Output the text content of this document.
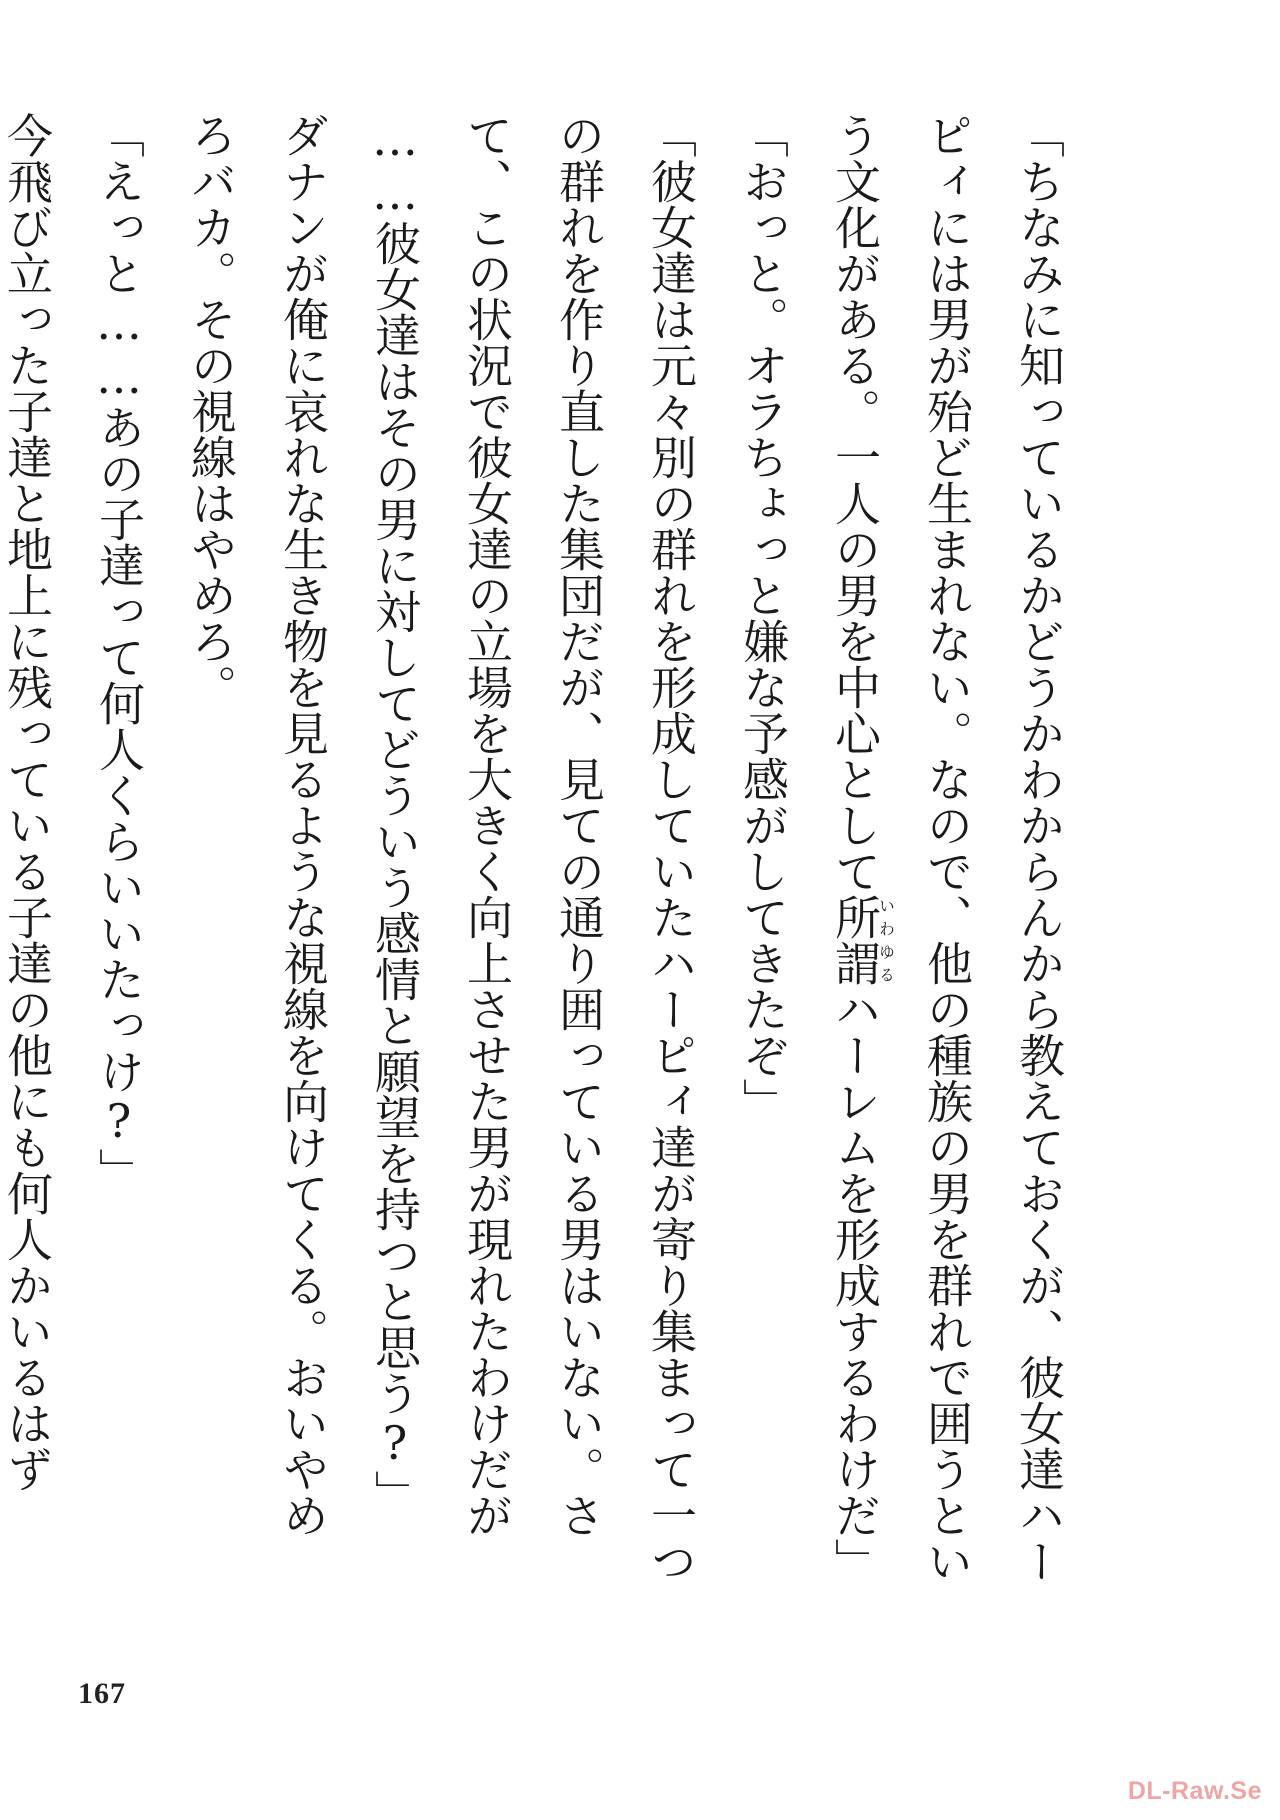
「ちなみに知っているかどうかわからんから教えておくが、彼女達ハー
ピィには男が殆ど生まれない。なので、他の種族の男を群れで囲うとい
う文化がある。一人の男を中心として所謂いわゆるハーレムを形成するわけだ」
「おっと。オラちょっと嫌な予感がしてきたぞ」
「彼女達は元々別の群れを形成していたハーピィ達が寄り集まって一つ
の群れを作り直した集団だが、見ての通り囲っている男はいない。さ
て、この状況で彼女達の立場を大きく向上させた男が現れたわけだが
……彼女達はその男に対してどういう感情と願望を持つと思う?」
ダナンが俺に哀れな生き物を見るような視線を向けてくる。おいやめ
ろバカ。その視線はやめろ。
「えっと……あの子達って何人くらいいたっけ?」
今飛び立った子達と地上に残っている子達の他にも何人かいるはず
167
DL-Raw.Se
